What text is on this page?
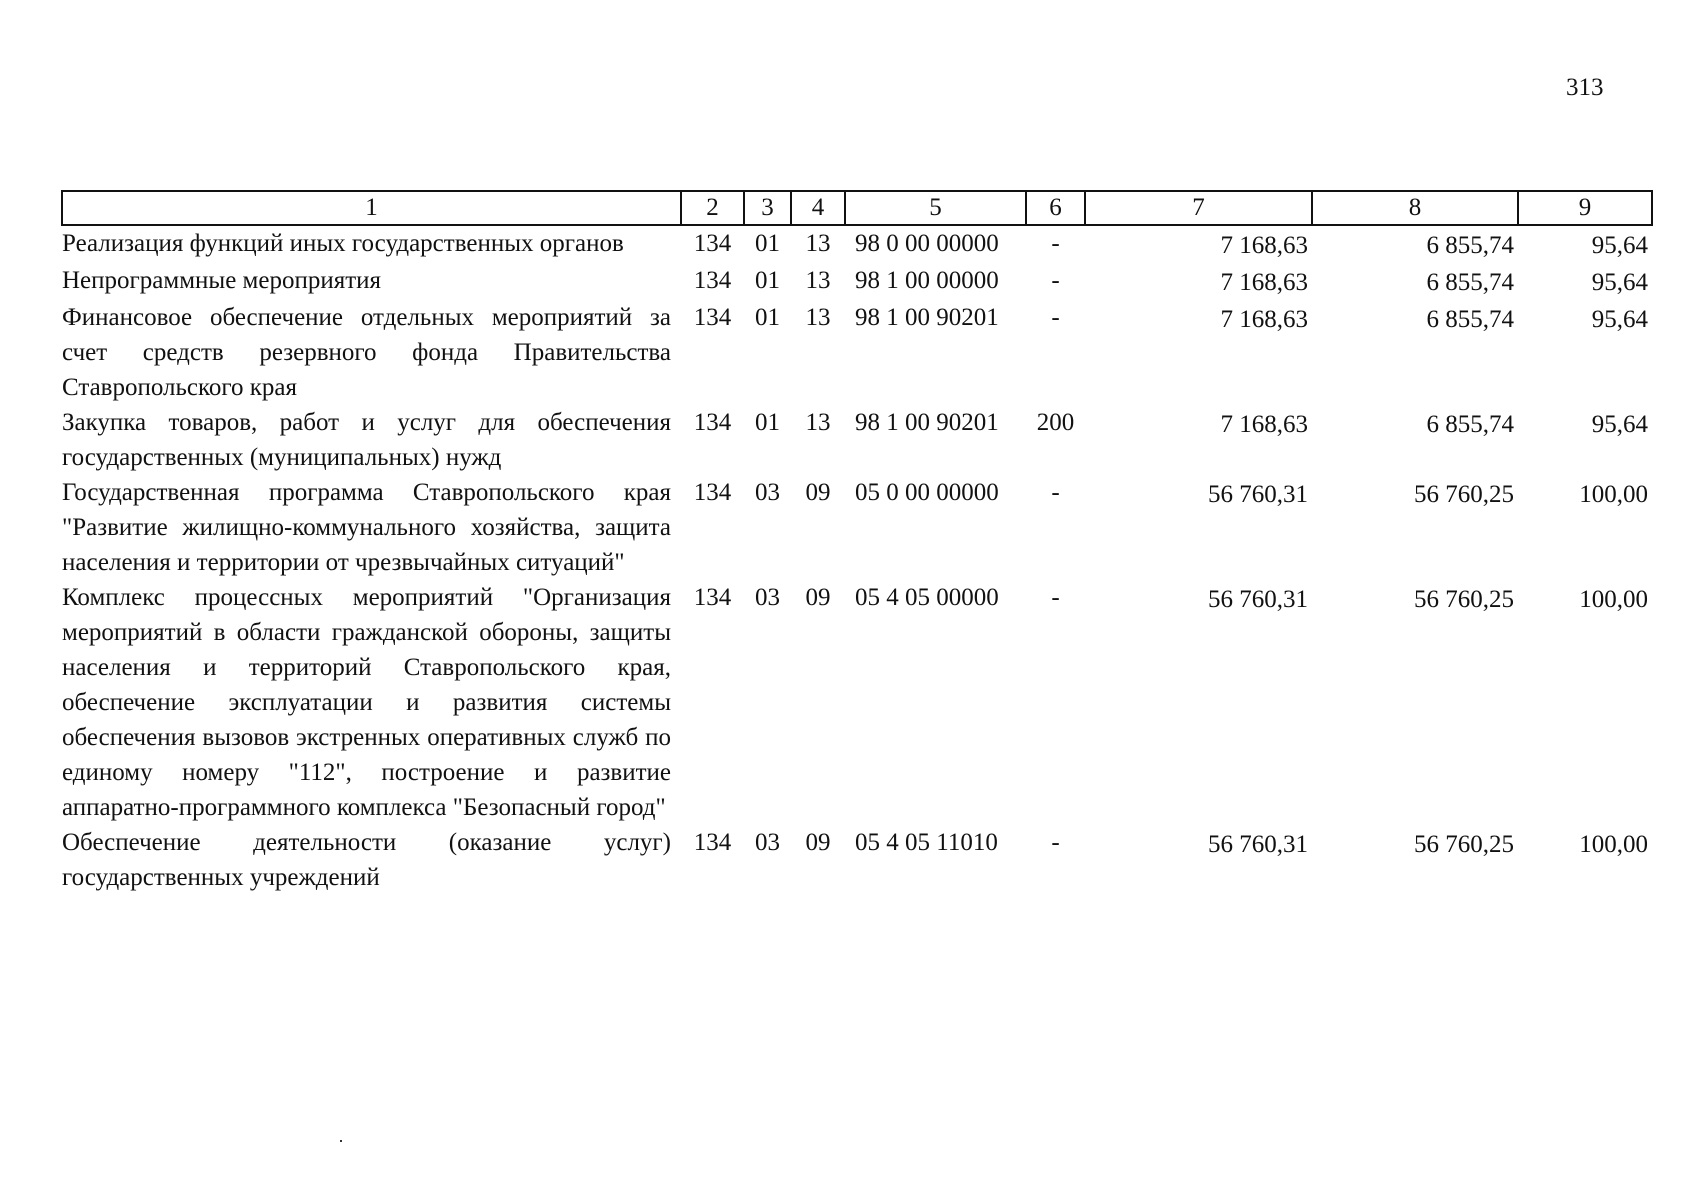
313
1	2	3	4	5	6	7	8	9
Реализация функций иных государственных органов	134	01	13	98 0 00 00000	-	7 168,63	6 855,74	95,64
Непрограммные мероприятия	134	01	13	98 1 00 00000	-	7 168,63	6 855,74	95,64
Финансовое обеспечение отдельных мероприятий за счет средств резервного фонда Правительства Ставропольского края	134	01	13	98 1 00 90201	-	7 168,63	6 855,74	95,64
Закупка товаров, работ и услуг для обеспечения государственных (муниципальных) нужд	134	01	13	98 1 00 90201	200	7 168,63	6 855,74	95,64
Государственная программа Ставропольского края "Развитие жилищно-коммунального хозяйства, защита населения и территории от чрезвычайных ситуаций"	134	03	09	05 0 00 00000	-	56 760,31	56 760,25	100,00
Комплекс процессных мероприятий "Организация мероприятий в области гражданской обороны, защиты населения и территорий Ставропольского края, обеспечение эксплуатации и развития системы обеспечения вызовов экстренных оперативных служб по единому номеру "112", построение и развитие аппаратно-программного комплекса "Безопасный город"	134	03	09	05 4 05 00000	-	56 760,31	56 760,25	100,00
Обеспечение деятельности (оказание услуг) государственных учреждений	134	03	09	05 4 05 11010	-	56 760,31	56 760,25	100,00
